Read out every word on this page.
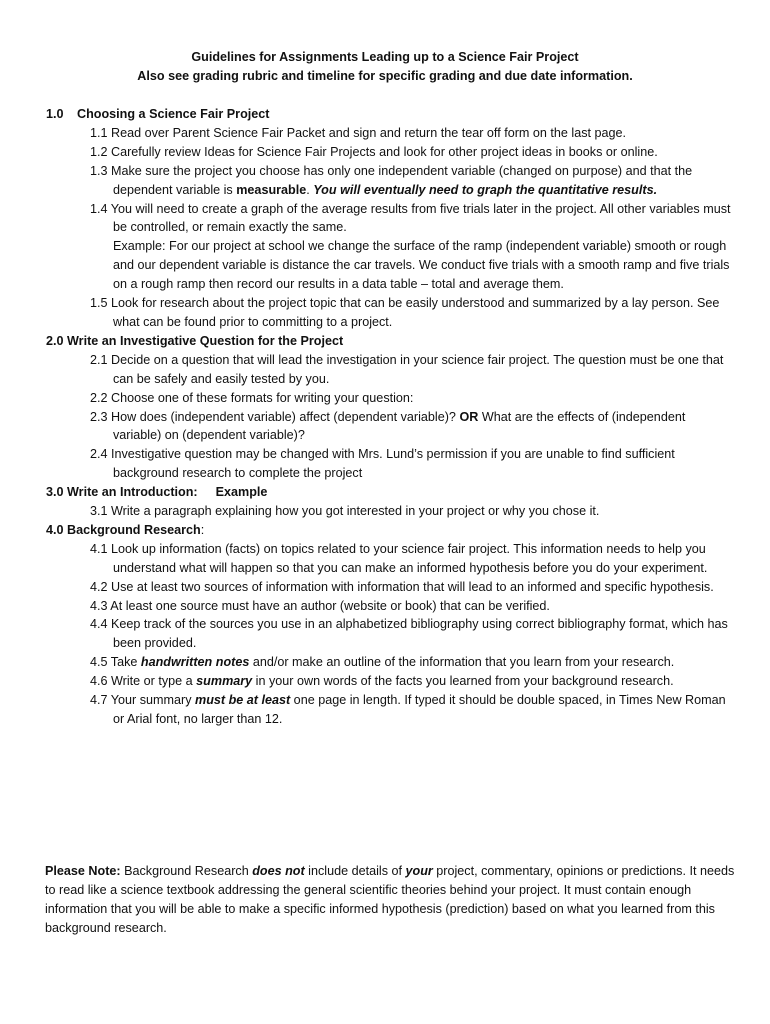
Guidelines for Assignments Leading up to a Science Fair Project
Also see grading rubric and timeline for specific grading and due date information.
1.0 Choosing a Science Fair Project
1.1 Read over Parent Science Fair Packet and sign and return the tear off form on the last page.
1.2 Carefully review Ideas for Science Fair Projects and look for other project ideas in books or online.
1.3 Make sure the project you choose has only one independent variable (changed on purpose) and that the dependent variable is measurable. You will eventually need to graph the quantitative results.
1.4 You will need to create a graph of the average results from five trials later in the project. All other variables must be controlled, or remain exactly the same.
Example: For our project at school we change the surface of the ramp (independent variable) smooth or rough and our dependent variable is distance the car travels. We conduct five trials with a smooth ramp and five trials on a rough ramp then record our results in a data table – total and average them.
1.5 Look for research about the project topic that can be easily understood and summarized by a lay person. See what can be found prior to committing to a project.
2.0 Write an Investigative Question for the Project
2.1 Decide on a question that will lead the investigation in your science fair project. The question must be one that can be safely and easily tested by you.
2.2 Choose one of these formats for writing your question:
2.3 How does (independent variable) affect (dependent variable)? OR What are the effects of (independent variable) on (dependent variable)?
2.4 Investigative question may be changed with Mrs. Lund’s permission if you are unable to find sufficient background research to complete the project
3.0 Write an Introduction: Example
3.1 Write a paragraph explaining how you got interested in your project or why you chose it.
4.0 Background Research:
4.1 Look up information (facts) on topics related to your science fair project. This information needs to help you understand what will happen so that you can make an informed hypothesis before you do your experiment.
4.2 Use at least two sources of information with information that will lead to an informed and specific hypothesis.
4.3 At least one source must have an author (website or book) that can be verified.
4.4 Keep track of the sources you use in an alphabetized bibliography using correct bibliography format, which has been provided.
4.5 Take handwritten notes and/or make an outline of the information that you learn from your research.
4.6 Write or type a summary in your own words of the facts you learned from your background research.
4.7 Your summary must be at least one page in length. If typed it should be double spaced, in Times New Roman or Arial font, no larger than 12.
Please Note: Background Research does not include details of your project, commentary, opinions or predictions. It needs to read like a science textbook addressing the general scientific theories behind your project. It must contain enough information that you will be able to make a specific informed hypothesis (prediction) based on what you learned from this background research.
